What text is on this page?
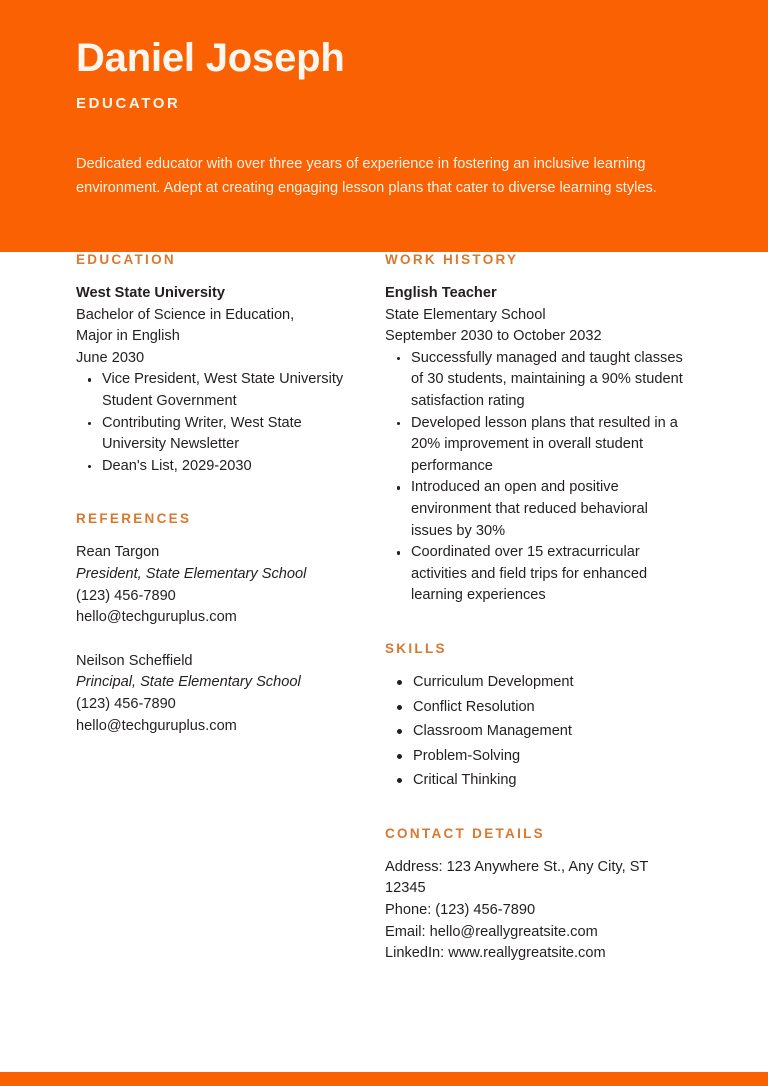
Daniel Joseph
EDUCATOR

Dedicated educator with over three years of experience in fostering an inclusive learning environment. Adept at creating engaging lesson plans that cater to diverse learning styles.

EDUCATION

West State University

Bachelor of Science in Education,

Major in English

June 2030

Vice President, West State University Student Government
Contributing Writer, West State University Newsletter
Dean's List, 2029-2030
REFERENCES

Rean Targon

President, State Elementary School

(123) 456-7890

hello@techguruplus.com

Neilson Scheffield

Principal, State Elementary School

(123) 456-7890

hello@techguruplus.com

WORK HISTORY

English Teacher

State Elementary School

September 2030 to October 2032

Successfully managed and taught classes of 30 students, maintaining a 90% student satisfaction rating
Developed lesson plans that resulted in a 20% improvement in overall student performance
Introduced an open and positive environment that reduced behavioral issues by 30%
Coordinated over 15 extracurricular activities and field trips for enhanced learning experiences
SKILLS
Curriculum Development
Conflict Resolution
Classroom Management
Problem-Solving
Critical Thinking
CONTACT DETAILS

Address: 123 Anywhere St., Any City, ST 12345

Phone: (123) 456-7890

Email: hello@reallygreatsite.com

LinkedIn: www.reallygreatsite.com
